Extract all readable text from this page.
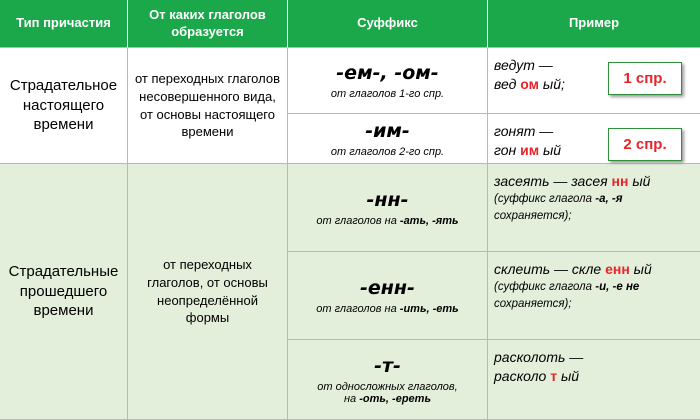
Тип причастия
От каких глаголов образуется
Суффикс	Пример
Страдательное настоящего времени
от переходных глаголов несовершенного вида, от основы настоящего времени
-ем-, -ом-
от глаголов 1-го спр.
ведут —
вед ом ый;
-им-
от глаголов 2-го спр.
гонят —
гон им ый
Страдательные прошедшего времени
от переходных глаголов, от основы неопределённой формы
-нн-
от глаголов на -ать, -ять
засеять — засея нн ый
(суффикс глагола -а, -я
сохраняется);
-енн-
от глаголов на -ить, -еть
склеить — скле енн ый
(суффикс глагола -и, -е не
сохраняется);
-т-
от односложных глаголов,
на -оть, -ереть
расколоть —
расколо т ый
1 спр.
2 спр.
